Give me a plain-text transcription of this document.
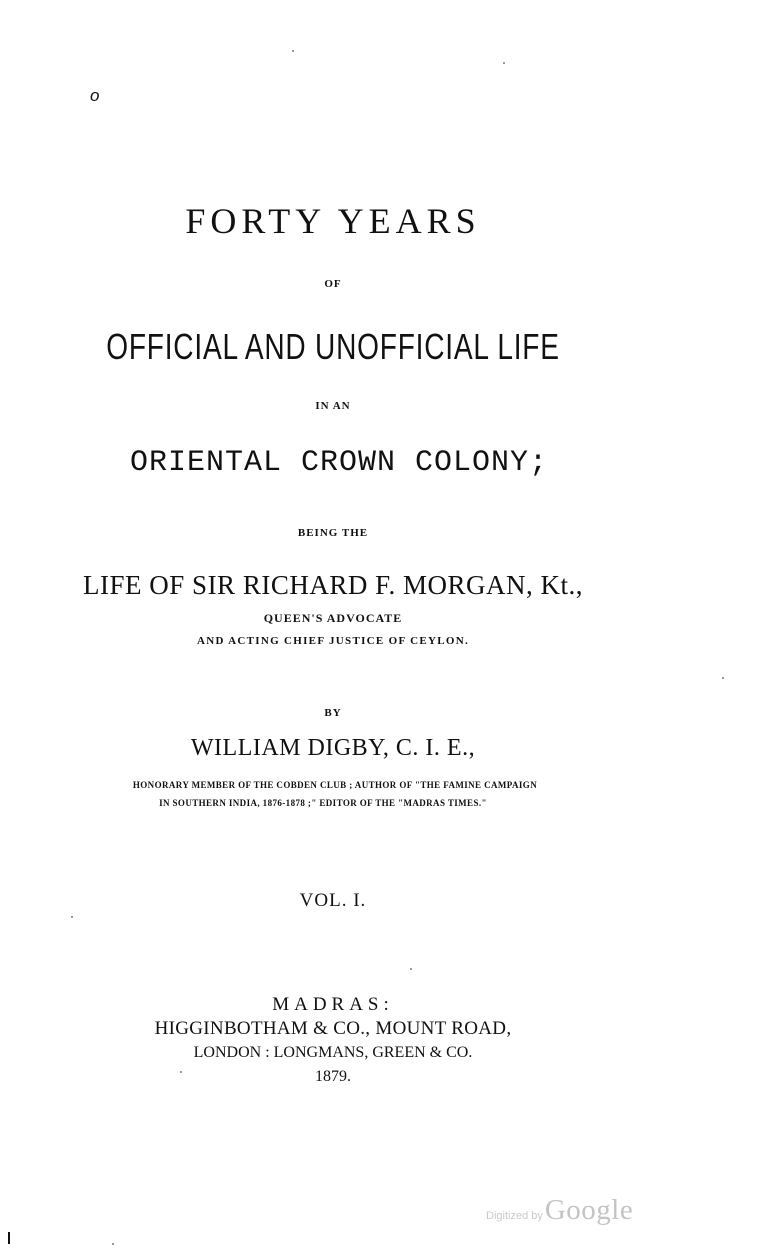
o
FORTY YEARS
OF
OFFICIAL AND UNOFFICIAL LIFE
IN AN
ORIENTAL CROWN COLONY;
BEING THE
LIFE OF SIR RICHARD F. MORGAN, Kt.,
QUEEN'S ADVOCATE
AND ACTING CHIEF JUSTICE OF CEYLON.
BY
WILLIAM DIGBY, C. I. E.,
HONORARY MEMBER OF THE COBDEN CLUB ; AUTHOR OF "THE FAMINE CAMPAIGN
IN SOUTHERN INDIA, 1876-1878 ;" EDITOR OF THE "MADRAS TIMES."
VOL. I.
MADRAS:
HIGGINBOTHAM & CO., MOUNT ROAD,
LONDON : LONGMANS, GREEN & CO.
1879.
Digitized byGoogle
